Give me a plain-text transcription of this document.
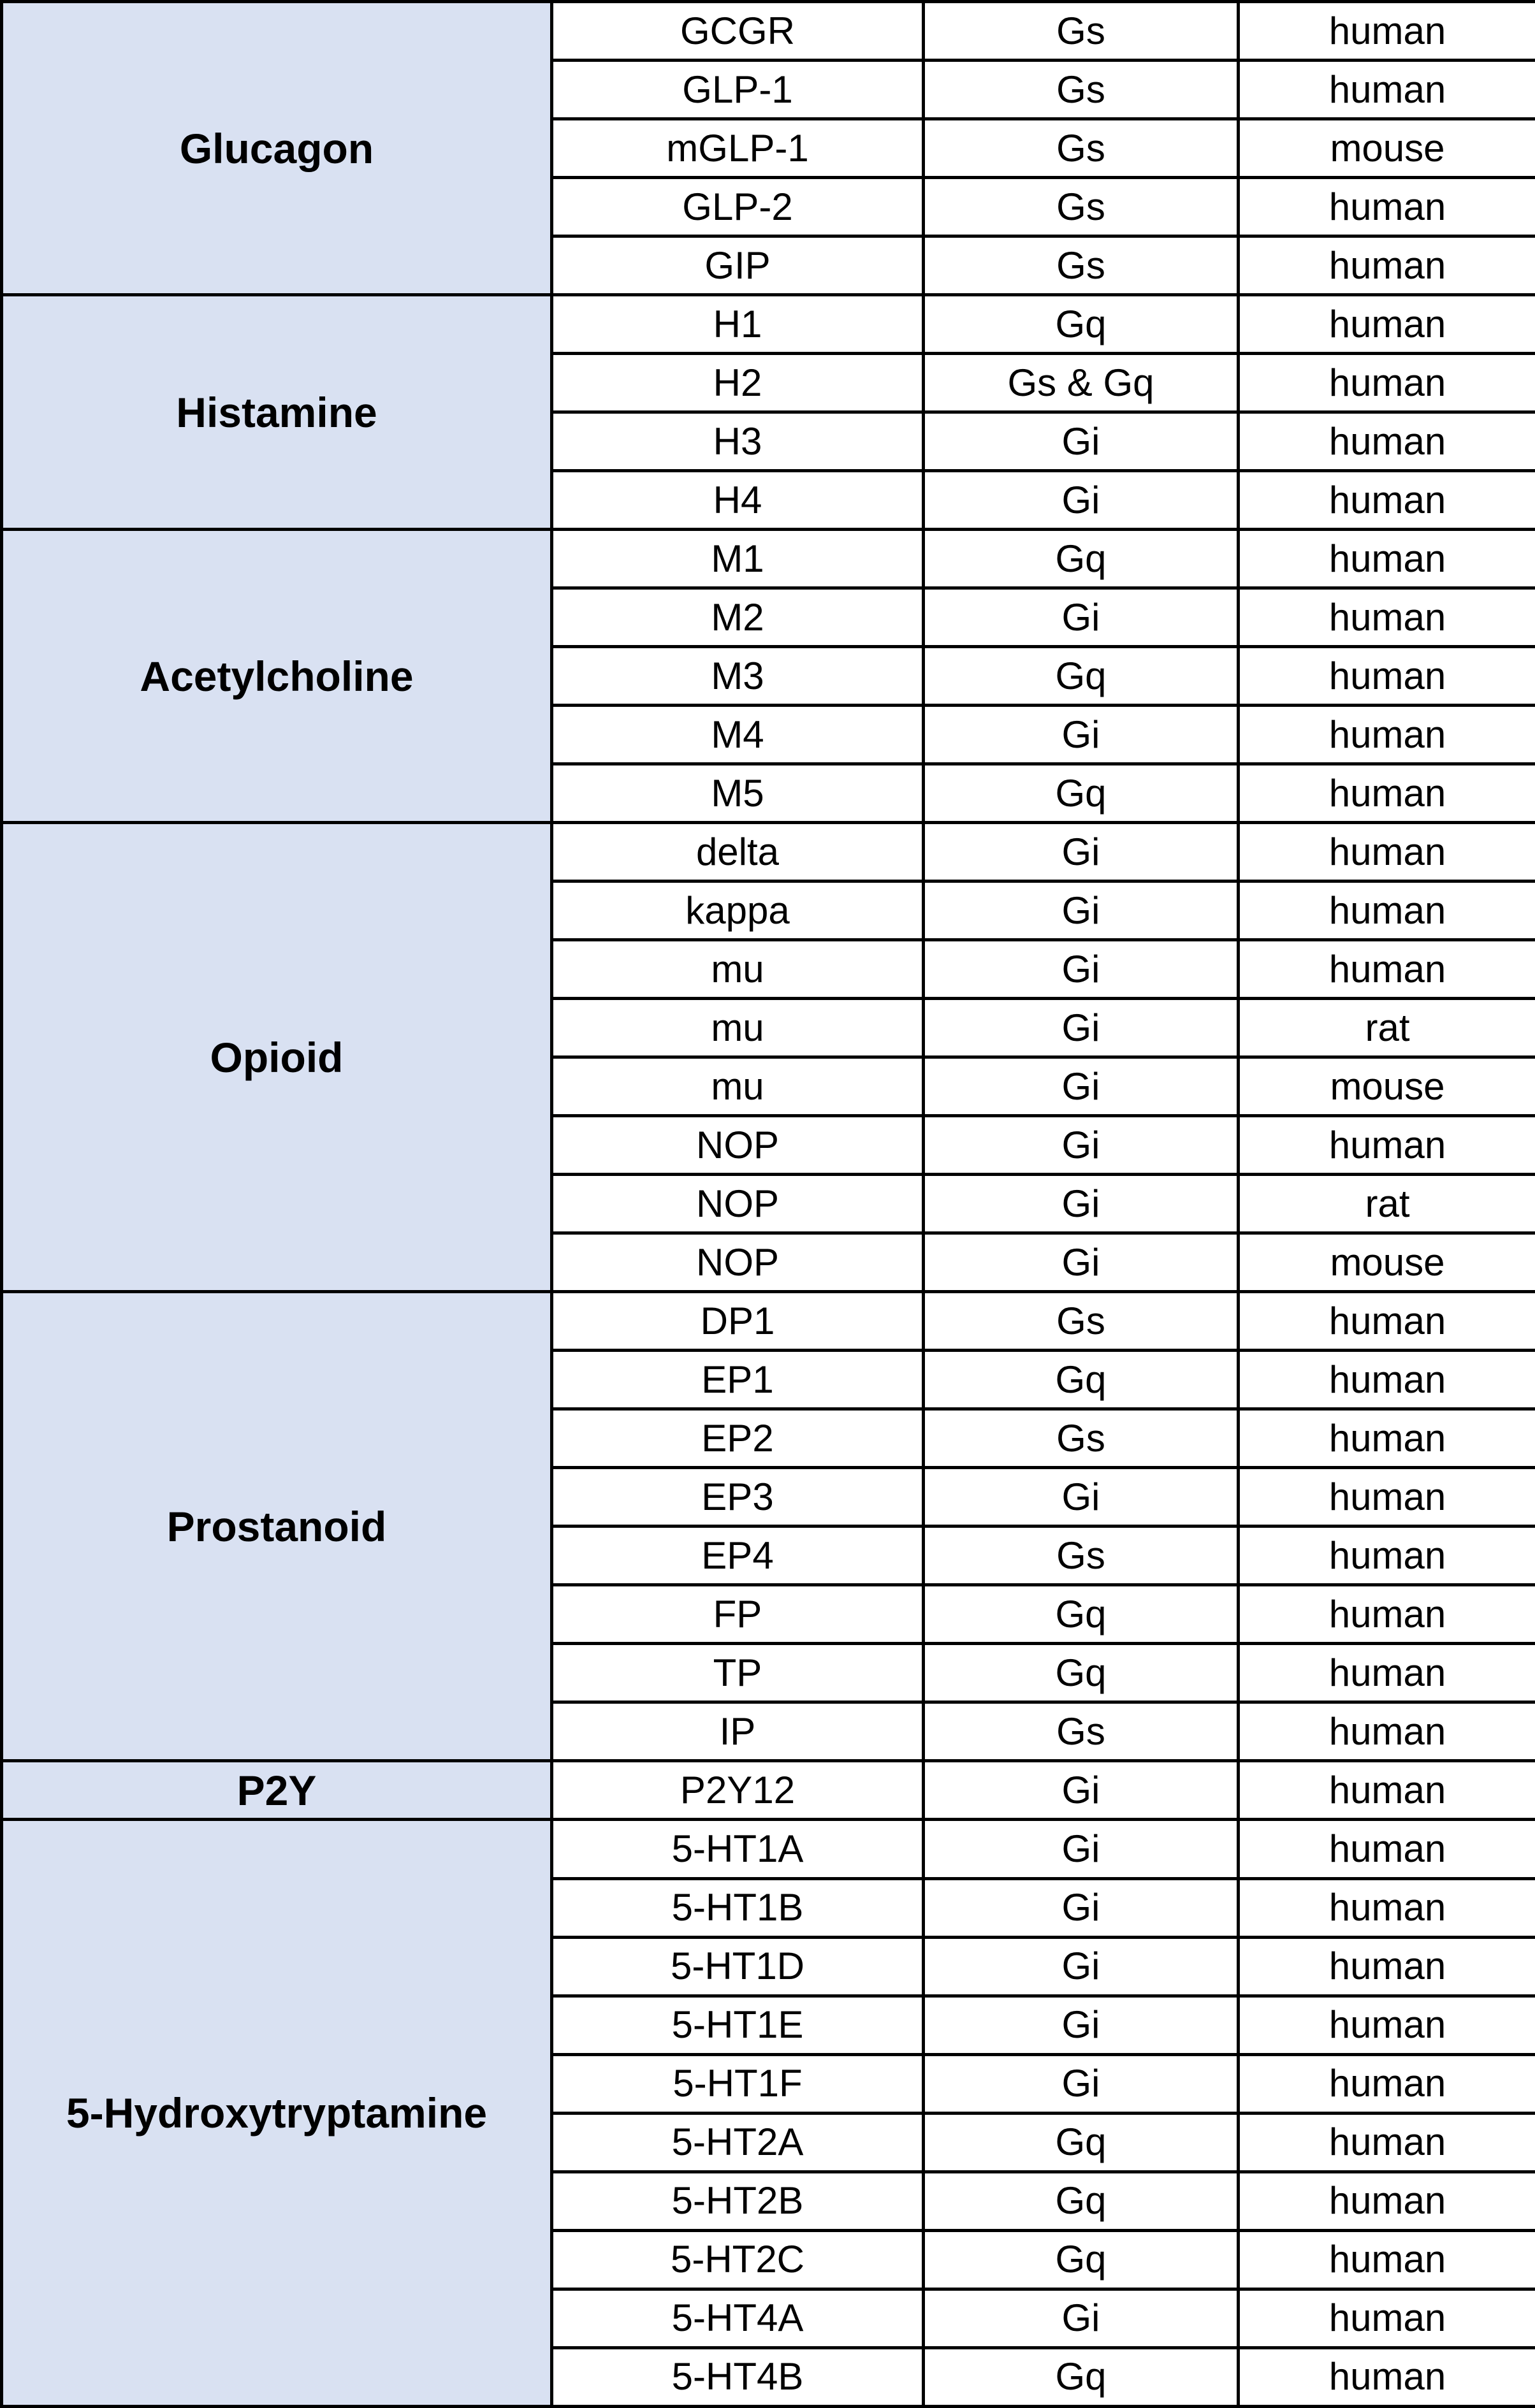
Glucagon	GCGR	Gs	human
	GLP-1	Gs	human
	mGLP-1	Gs	mouse
	GLP-2	Gs	human
	GIP	Gs	human
Histamine	H1	Gq	human
	H2	Gs & Gq	human
	H3	Gi	human
	H4	Gi	human
Acetylcholine	M1	Gq	human
	M2	Gi	human
	M3	Gq	human
	M4	Gi	human
	M5	Gq	human
Opioid	delta	Gi	human
	kappa	Gi	human
	mu	Gi	human
	mu	Gi	rat
	mu	Gi	mouse
	NOP	Gi	human
	NOP	Gi	rat
	NOP	Gi	mouse
Prostanoid	DP1	Gs	human
	EP1	Gq	human
	EP2	Gs	human
	EP3	Gi	human
	EP4	Gs	human
	FP	Gq	human
	TP	Gq	human
	IP	Gs	human
P2Y	P2Y12	Gi	human
5-Hydroxytryptamine	5-HT1A	Gi	human
	5-HT1B	Gi	human
	5-HT1D	Gi	human
	5-HT1E	Gi	human
	5-HT1F	Gi	human
	5-HT2A	Gq	human
	5-HT2B	Gq	human
	5-HT2C	Gq	human
	5-HT4A	Gi	human
	5-HT4B	Gq	human
